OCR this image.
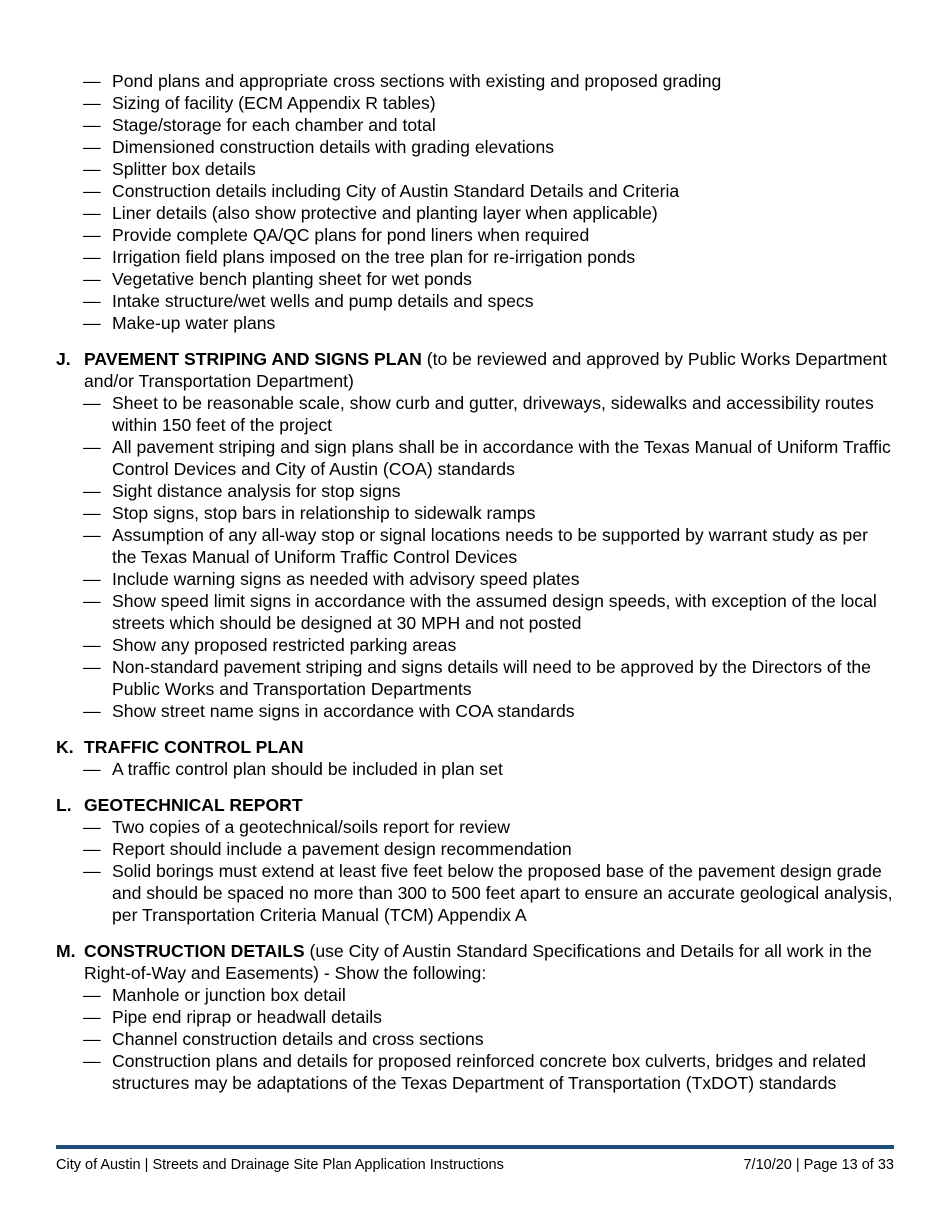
— Pond plans and appropriate cross sections with existing and proposed grading
— Sizing of facility (ECM Appendix R tables)
— Stage/storage for each chamber and total
— Dimensioned construction details with grading elevations
— Splitter box details
— Construction details including City of Austin Standard Details and Criteria
— Liner details (also show protective and planting layer when applicable)
— Provide complete QA/QC plans for pond liners when required
— Irrigation field plans imposed on the tree plan for re-irrigation ponds
— Vegetative bench planting sheet for wet ponds
— Intake structure/wet wells and pump details and specs
— Make-up water plans
J. PAVEMENT STRIPING AND SIGNS PLAN (to be reviewed and approved by Public Works Department and/or Transportation Department)
— Sheet to be reasonable scale, show curb and gutter, driveways, sidewalks and accessibility routes within 150 feet of the project
— All pavement striping and sign plans shall be in accordance with the Texas Manual of Uniform Traffic Control Devices and City of Austin (COA) standards
— Sight distance analysis for stop signs
— Stop signs, stop bars in relationship to sidewalk ramps
— Assumption of any all-way stop or signal locations needs to be supported by warrant study as per the Texas Manual of Uniform Traffic Control Devices
— Include warning signs as needed with advisory speed plates
— Show speed limit signs in accordance with the assumed design speeds, with exception of the local streets which should be designed at 30 MPH and not posted
— Show any proposed restricted parking areas
— Non-standard pavement striping and signs details will need to be approved by the Directors of the Public Works and Transportation Departments
— Show street name signs in accordance with COA standards
K. TRAFFIC CONTROL PLAN
— A traffic control plan should be included in plan set
L. GEOTECHNICAL REPORT
— Two copies of a geotechnical/soils report for review
— Report should include a pavement design recommendation
— Solid borings must extend at least five feet below the proposed base of the pavement design grade and should be spaced no more than 300 to 500 feet apart to ensure an accurate geological analysis, per Transportation Criteria Manual (TCM) Appendix A
M. CONSTRUCTION DETAILS (use City of Austin Standard Specifications and Details for all work in the Right-of-Way and Easements) - Show the following:
— Manhole or junction box detail
— Pipe end riprap or headwall details
— Channel construction details and cross sections
— Construction plans and details for proposed reinforced concrete box culverts, bridges and related structures may be adaptations of the Texas Department of Transportation (TxDOT) standards
City of Austin | Streets and Drainage Site Plan Application Instructions	7/10/20 | Page 13 of 33
